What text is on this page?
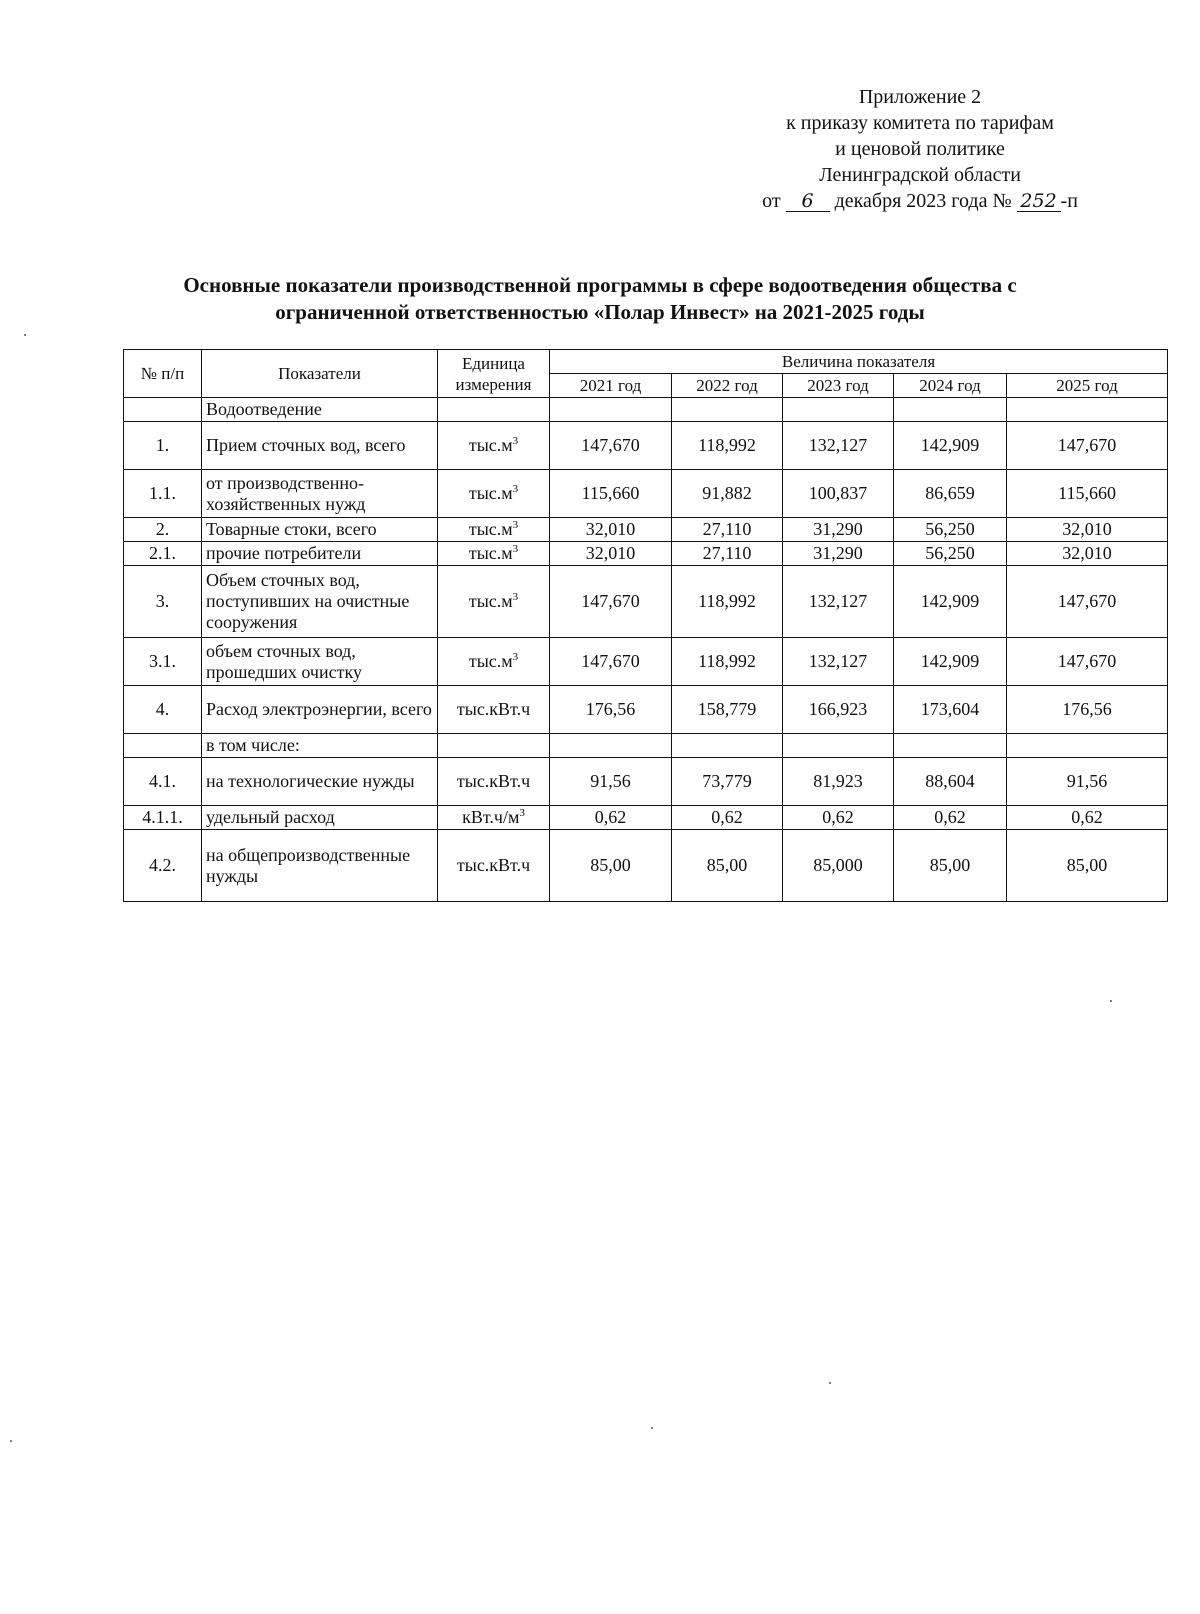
Приложение 2
к приказу комитета по тарифам
и ценовой политике
Ленинградской области
от 6 декабря 2023 года № 252 -п
Основные показатели производственной программы в сфере водоотведения общества с
ограниченной ответственностью «Полар Инвест» на 2021-2025 годы
№ п/п	Показатели	Единица измерения	Величина показателя				
			2021 год	2022 год	2023 год	2024 год	2025 год
	Водоотведение						
1.	Прием сточных вод, всего	$тыс.м^3$	147,670	118,992	132,127	142,909	147,670
1.1.	от производственно-хозяйственных нужд	$тыс.м^3$	115,660	91,882	100,837	86,659	115,660
2.	Товарные стоки, всего	$тыс.м^3$	32,010	27,110	31,290	56,250	32,010
2.1.	прочие потребители	$тыс.м^3$	32,010	27,110	31,290	56,250	32,010
3.	Объем сточных вод, поступивших на очистные сооружения	$тыс.м^3$	147,670	118,992	132,127	142,909	147,670
3.1.	объем сточных вод, прошедших очистку	$тыс.м^3$	147,670	118,992	132,127	142,909	147,670
4.	Расход электроэнергии, всего	тыс.кВт.ч	176,56	158,779	166,923	173,604	176,56
	в том числе:						
4.1.	на технологические нужды	тыс.кВт.ч	91,56	73,779	81,923	88,604	91,56
4.1.1.	удельный расход	$кВт.ч/м^3$	0,62	0,62	0,62	0,62	0,62
4.2.	на общепроизводственные нужды	тыс.кВт.ч	85,00	85,00	85,000	85,00	85,00
